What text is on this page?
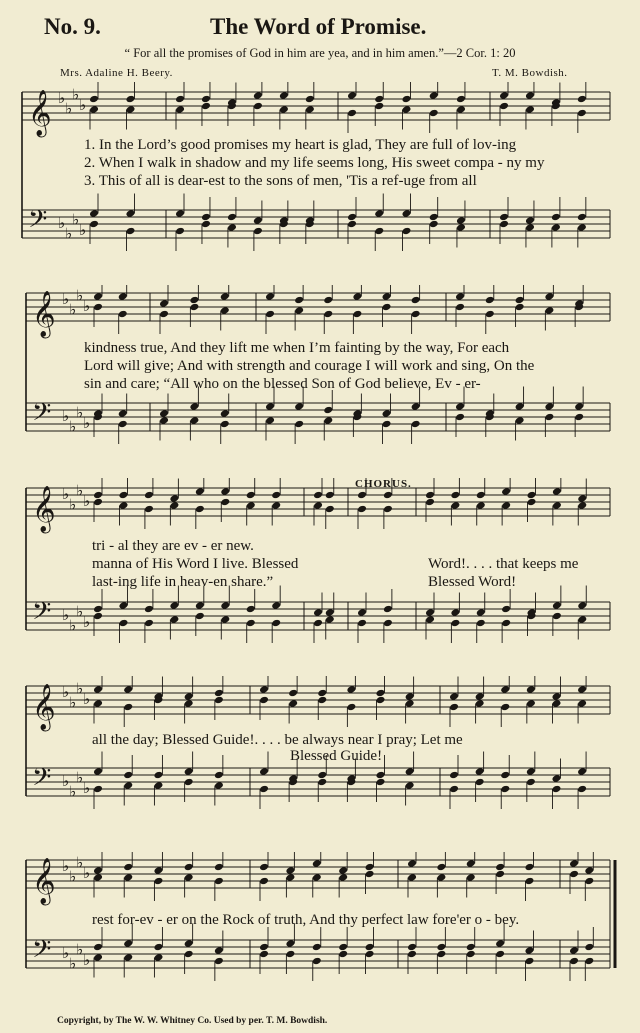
No. 9.	The Word of Promise.
“ For all the promises of God in him are yea, and in him amen.”—2 Cor. 1: 20
Mrs. Adaline H. Beery.	T. M. Bowdish.
𝄞 ♭
♭
♭
♭
𝄢 ♭
♭
♭
♭
1. In the Lord’s good promises my heart is glad, They are full of lov-ing
2. When I walk in shadow and my life seems long, His sweet compa - ny my
3. This of all is dear-est to the sons of men, 'Tis a ref-uge from all
𝄞 ♭
♭
♭
♭
𝄢 ♭
♭
♭
♭
kindness true, And they lift me when I’m fainting by the way, For each
Lord will give; And with strength and courage I will work and sing, On the
sin and care; “All who on the blessed Son of God believe, Ev - er-
CHORUS.
𝄞 ♭
♭
♭
♭
𝄢 ♭
♭
♭
♭
tri - al they are ev - er new.
manna of His Word I live. Blessed
last-ing life in heav-en share.”
Word!. . . . that keeps me
Blessed Word!
𝄞 ♭
♭
♭
♭
𝄢 ♭
♭
♭
♭
all the day; Blessed Guide!. . . . be always near I pray; Let me
Blessed Guide!
𝄞 ♭
♭
♭
♭
𝄢 ♭
♭
♭
♭
rest for-ev - er on the Rock of truth, And thy perfect law fore'er o - bey.
Copyright, by The W. W. Whitney Co. Used by per. T. M. Bowdish.
